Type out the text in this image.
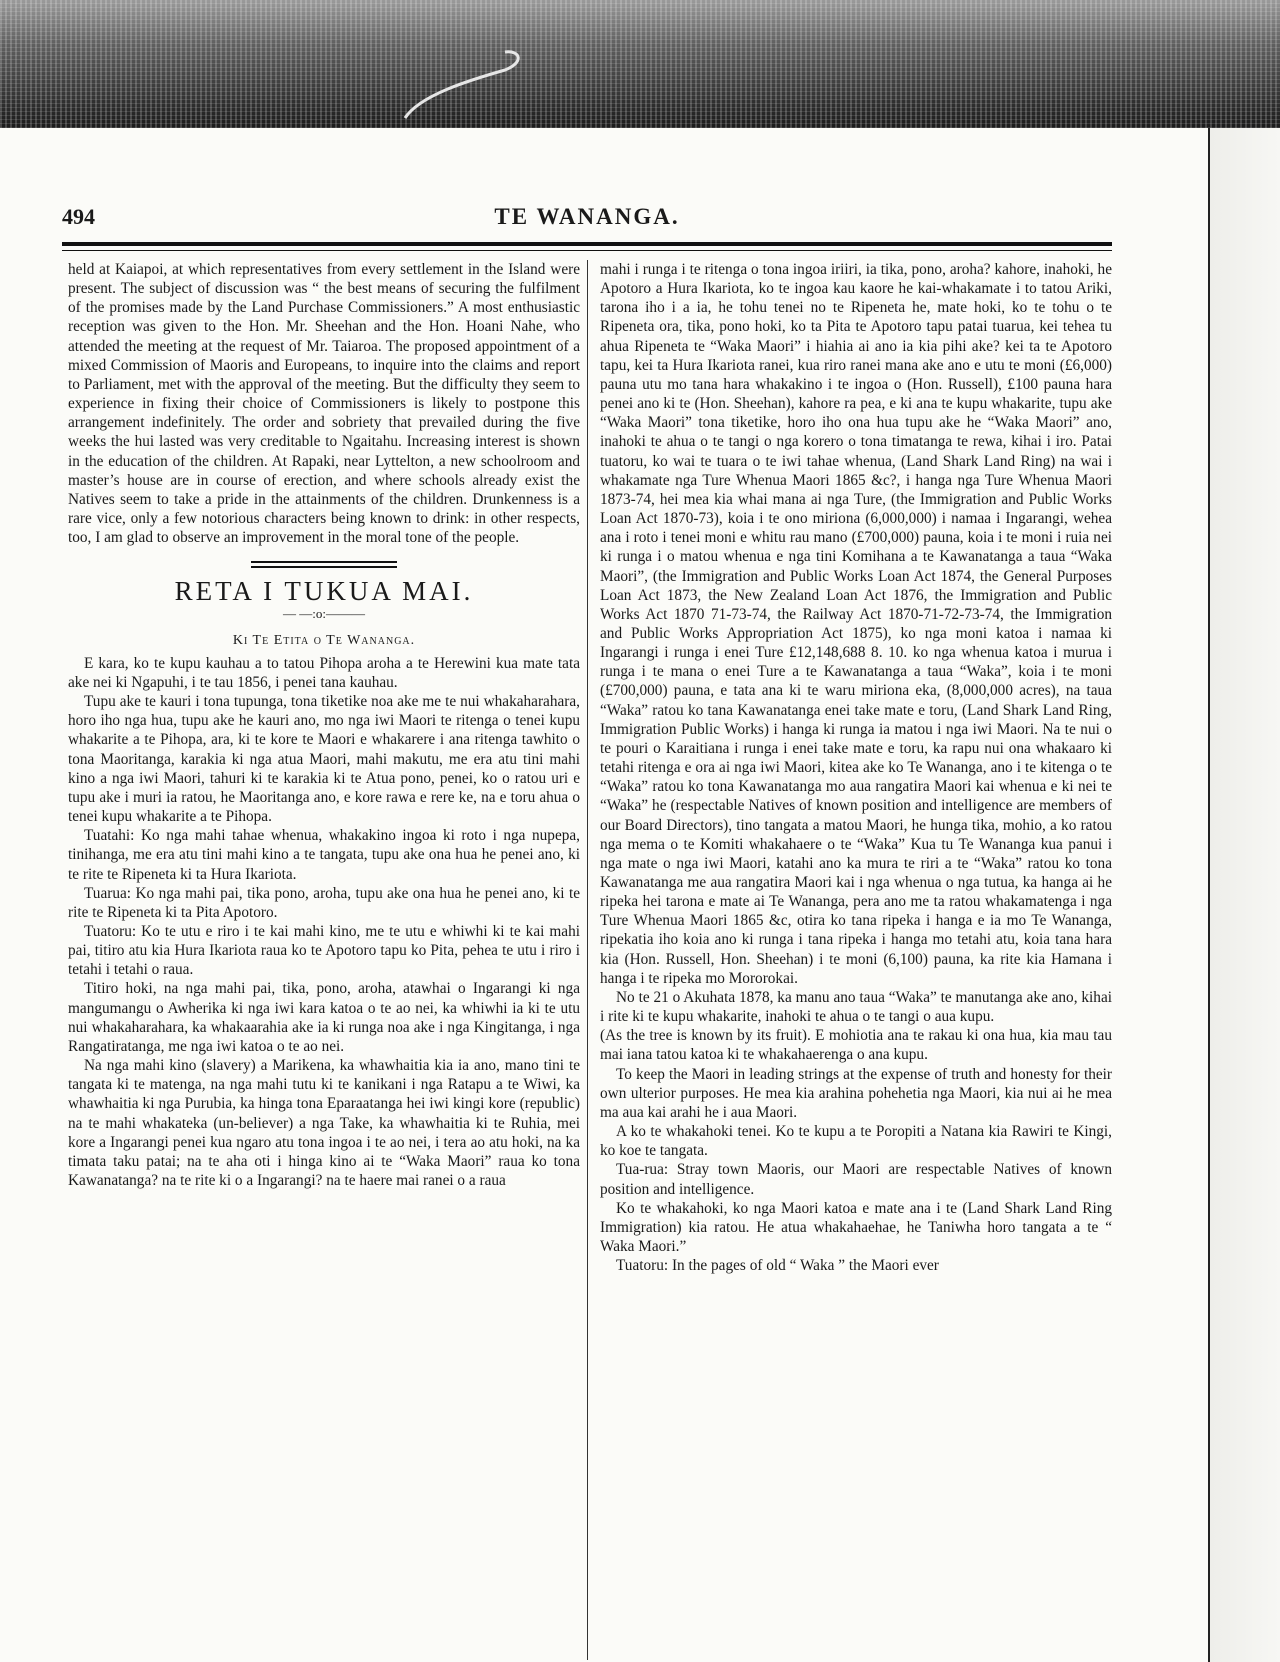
494	TE WANANGA.

held at Kaiapoi, at which representatives from every settlement in the Island were present. The subject of discussion was “ the best means of securing the fulfilment of the promises made by the Land Purchase Commissioners.” A most enthusiastic reception was given to the Hon. Mr. Sheehan and the Hon. Hoani Nahe, who attended the meeting at the request of Mr. Taiaroa. The proposed appointment of a mixed Commission of Maoris and Europeans, to inquire into the claims and report to Parliament, met with the approval of the meeting. But the difficulty they seem to experience in fixing their choice of Commissioners is likely to postpone this arrangement indefinitely. The order and sobriety that prevailed during the five weeks the hui lasted was very creditable to Ngaitahu. Increasing interest is shown in the education of the children. At Rapaki, near Lyttelton, a new schoolroom and master’s house are in course of erection, and where schools already exist the Natives seem to take a pride in the attainments of the children. Drunkenness is a rare vice, only a few notorious characters being known to drink: in other respects, too, I am glad to observe an improvement in the moral tone of the people.

RETA I TUKUA MAI.
— —:o:———
Ki Te Etita o Te Wananga.

E kara, ko te kupu kauhau a to tatou Pihopa aroha a te Herewini kua mate tata ake nei ki Ngapuhi, i te tau 1856, i penei tana kauhau.

Tupu ake te kauri i tona tupunga, tona tiketike noa ake me te nui whakaharahara, horo iho nga hua, tupu ake he kauri ano, mo nga iwi Maori te ritenga o tenei kupu whakarite a te Pihopa, ara, ki te kore te Maori e whakarere i ana ritenga tawhito o tona Maoritanga, karakia ki nga atua Maori, mahi makutu, me era atu tini mahi kino a nga iwi Maori, tahuri ki te karakia ki te Atua pono, penei, ko o ratou uri e tupu ake i muri ia ratou, he Maoritanga ano, e kore rawa e rere ke, na e toru ahua o tenei kupu whakarite a te Pihopa.

Tuatahi: Ko nga mahi tahae whenua, whakakino ingoa ki roto i nga nupepa, tinihanga, me era atu tini mahi kino a te tangata, tupu ake ona hua he penei ano, ki te rite te Ripeneta ki ta Hura Ikariota.

Tuarua: Ko nga mahi pai, tika pono, aroha, tupu ake ona hua he penei ano, ki te rite te Ripeneta ki ta Pita Apotoro.

Tuatoru: Ko te utu e riro i te kai mahi kino, me te utu e whiwhi ki te kai mahi pai, titiro atu kia Hura Ikariota raua ko te Apotoro tapu ko Pita, pehea te utu i riro i tetahi i tetahi o raua.

Titiro hoki, na nga mahi pai, tika, pono, aroha, atawhai o Ingarangi ki nga mangumangu o Awherika ki nga iwi kara katoa o te ao nei, ka whiwhi ia ki te utu nui whakaharahara, ka whakaarahia ake ia ki runga noa ake i nga Kingitanga, i nga Rangatiratanga, me nga iwi katoa o te ao nei.

Na nga mahi kino (slavery) a Marikena, ka whawhaitia kia ia ano, mano tini te tangata ki te matenga, na nga mahi tutu ki te kanikani i nga Ratapu a te Wiwi, ka whawhaitia ki nga Purubia, ka hinga tona Eparaatanga hei iwi kingi kore (republic) na te mahi whakateka (un-believer) a nga Take, ka whawhaitia ki te Ruhia, mei kore a Ingarangi penei kua ngaro atu tona ingoa i te ao nei, i tera ao atu hoki, na ka timata taku patai; na te aha oti i hinga kino ai te “Waka Maori” raua ko tona Kawanatanga? na te rite ki o a Ingarangi? na te haere mai ranei o a raua

mahi i runga i te ritenga o tona ingoa iriiri, ia tika, pono, aroha? kahore, inahoki, he Apotoro a Hura Ikariota, ko te ingoa kau kaore he kai-whakamate i to tatou Ariki, tarona iho i a ia, he tohu tenei no te Ripeneta he, mate hoki, ko te tohu o te Ripeneta ora, tika, pono hoki, ko ta Pita te Apotoro tapu patai tuarua, kei tehea tu ahua Ripeneta te “Waka Maori” i hiahia ai ano ia kia pihi ake? kei ta te Apotoro tapu, kei ta Hura Ikariota ranei, kua riro ranei mana ake ano e utu te moni (£6,000) pauna utu mo tana hara whakakino i te ingoa o (Hon. Russell), £100 pauna hara penei ano ki te (Hon. Sheehan), kahore ra pea, e ki ana te kupu whakarite, tupu ake “Waka Maori” tona tiketike, horo iho ona hua tupu ake he “Waka Maori” ano, inahoki te ahua o te tangi o nga korero o tona timatanga te rewa, kihai i iro. Patai tuatoru, ko wai te tuara o te iwi tahae whenua, (Land Shark Land Ring) na wai i whakamate nga Ture Whenua Maori 1865 &c?, i hanga nga Ture Whenua Maori 1873-74, hei mea kia whai mana ai nga Ture, (the Immigration and Public Works Loan Act 1870-73), koia i te ono miriona (6,000,000) i namaa i Ingarangi, wehea ana i roto i tenei moni e whitu rau mano (£700,000) pauna, koia i te moni i ruia nei ki runga i o matou whenua e nga tini Komihana a te Kawanatanga a taua “Waka Maori”, (the Immigration and Public Works Loan Act 1874, the General Purposes Loan Act 1873, the New Zealand Loan Act 1876, the Immigration and Public Works Act 1870 71-73-74, the Railway Act 1870-71-72-73-74, the Immigration and Public Works Appropriation Act 1875), ko nga moni katoa i namaa ki Ingarangi i runga i enei Ture £12,148,688 8. 10. ko nga whenua katoa i murua i runga i te mana o enei Ture a te Kawanatanga a taua “Waka”, koia i te moni (£700,000) pauna, e tata ana ki te waru miriona eka, (8,000,000 acres), na taua “Waka” ratou ko tana Kawanatanga enei take mate e toru, (Land Shark Land Ring, Immigration Public Works) i hanga ki runga ia matou i nga iwi Maori. Na te nui o te pouri o Karaitiana i runga i enei take mate e toru, ka rapu nui ona whakaaro ki tetahi ritenga e ora ai nga iwi Maori, kitea ake ko Te Wananga, ano i te kitenga o te “Waka” ratou ko tona Kawanatanga mo aua rangatira Maori kai whenua e ki nei te “Waka” he (respectable Natives of known position and intelligence are members of our Board Directors), tino tangata a matou Maori, he hunga tika, mohio, a ko ratou nga mema o te Komiti whakahaere o te “Waka” Kua tu Te Wananga kua panui i nga mate o nga iwi Maori, katahi ano ka mura te riri a te “Waka” ratou ko tona Kawanatanga me aua rangatira Maori kai i nga whenua o nga tutua, ka hanga ai he ripeka hei tarona e mate ai Te Wananga, pera ano me ta ratou whakamatenga i nga Ture Whenua Maori 1865 &c, otira ko tana ripeka i hanga e ia mo Te Wananga, ripekatia iho koia ano ki runga i tana ripeka i hanga mo tetahi atu, koia tana hara kia (Hon. Russell, Hon. Sheehan) i te moni (6,100) pauna, ka rite kia Hamana i hanga i te ripeka mo Mororokai.

No te 21 o Akuhata 1878, ka manu ano taua “Waka” te manutanga ake ano, kihai i rite ki te kupu whakarite, inahoki te ahua o te tangi o aua kupu.

(As the tree is known by its fruit). E mohiotia ana te rakau ki ona hua, kia mau tau mai iana tatou katoa ki te whakahaerenga o ana kupu.

To keep the Maori in leading strings at the expense of truth and honesty for their own ulterior purposes. He mea kia arahina pohehetia nga Maori, kia nui ai he mea ma aua kai arahi he i aua Maori.

A ko te whakahoki tenei. Ko te kupu a te Poropiti a Natana kia Rawiri te Kingi, ko koe te tangata.

Tua-rua: Stray town Maoris, our Maori are respectable Natives of known position and intelligence.

Ko te whakahoki, ko nga Maori katoa e mate ana i te (Land Shark Land Ring Immigration) kia ratou. He atua whakahaehae, he Taniwha horo tangata a te “ Waka Maori.”

Tuatoru: In the pages of old “ Waka ” the Maori ever
